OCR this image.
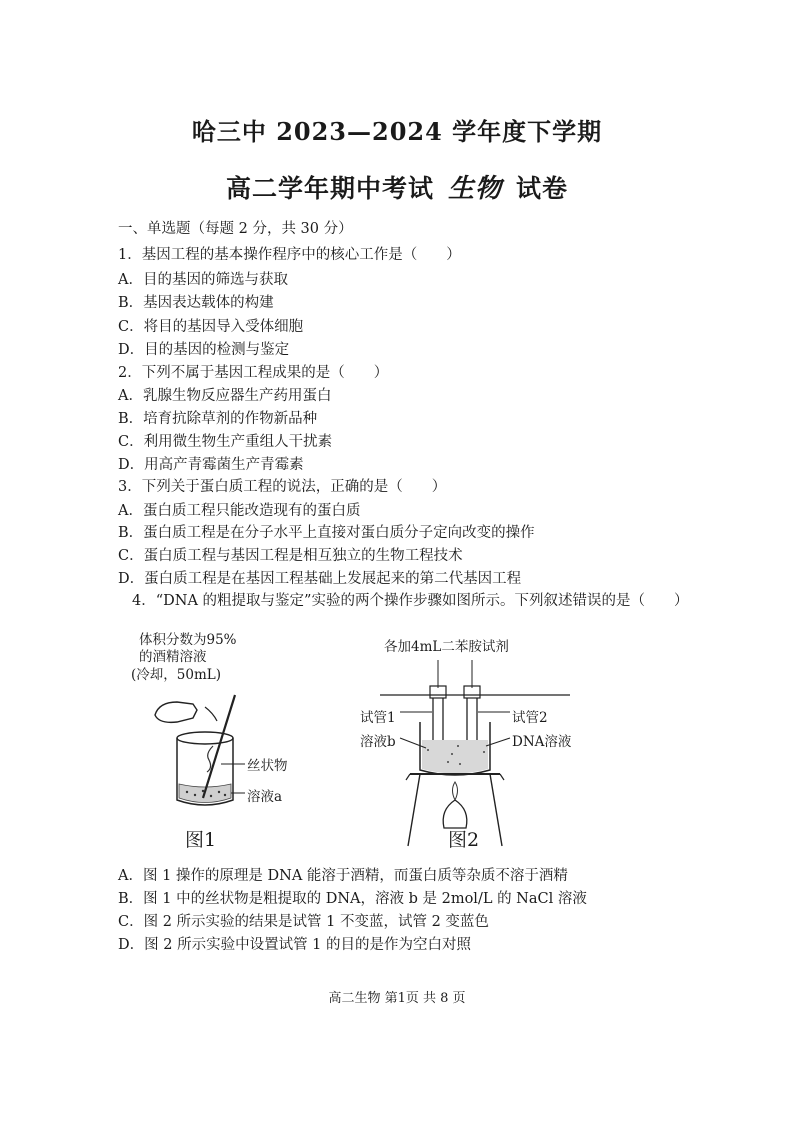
哈三中 2023—2024 学年度下学期
高二学年期中考试 生物 试卷
一、单选题（每题 2 分，共 30 分）
1．基因工程的基本操作程序中的核心工作是（　　）
A．目的基因的筛选与获取
B．基因表达载体的构建
C．将目的基因导入受体细胞
D．目的基因的检测与鉴定
2．下列不属于基因工程成果的是（　　）
A．乳腺生物反应器生产药用蛋白
B．培育抗除草剂的作物新品种
C．利用微生物生产重组人干扰素
D．用高产青霉菌生产青霉素
3．下列关于蛋白质工程的说法，正确的是（　　）
A．蛋白质工程只能改造现有的蛋白质
B．蛋白质工程是在分子水平上直接对蛋白质分子定向改变的操作
C．蛋白质工程与基因工程是相互独立的生物工程技术
D．蛋白质工程是在基因工程基础上发展起来的第二代基因工程
4．“DNA 的粗提取与鉴定”实验的两个操作步骤如图所示。下列叙述错误的是（　　）
体积分数为95%
的酒精溶液
(冷却，50mL)
丝状物
溶液a
图1
各加4mL二苯胺试剂
试管1	试管2
溶液b	DNA溶液
图2
A．图 1 操作的原理是 DNA 能溶于酒精，而蛋白质等杂质不溶于酒精
B．图 1 中的丝状物是粗提取的 DNA，溶液 b 是 2mol/L 的 NaCl 溶液
C．图 2 所示实验的结果是试管 1 不变蓝，试管 2 变蓝色
D．图 2 所示实验中设置试管 1 的目的是作为空白对照
高二生物 第1页 共 8 页
